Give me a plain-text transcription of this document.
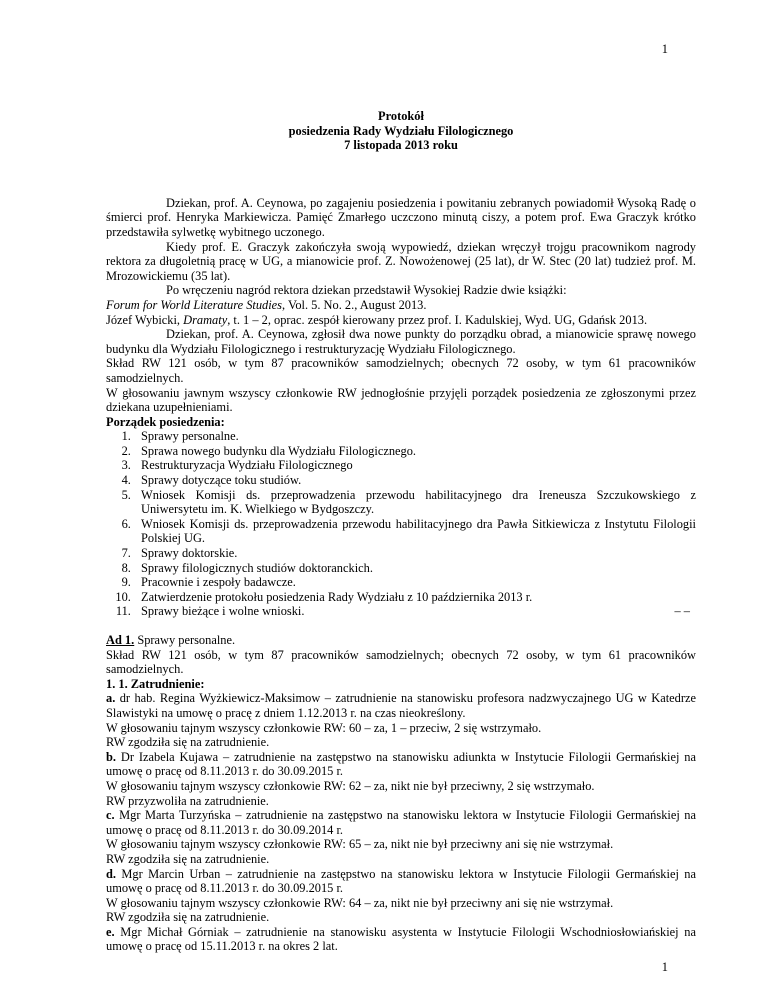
1
Protokół
posiedzenia Rady Wydziału Filologicznego
7 listopada 2013 roku
Dziekan, prof. A. Ceynowa, po zagajeniu posiedzenia i powitaniu zebranych powiadomił Wysoką Radę o śmierci prof. Henryka Markiewicza. Pamięć Zmarłego uczczono minutą ciszy, a potem prof. Ewa Graczyk krótko przedstawiła sylwetkę wybitnego uczonego.
Kiedy prof. E. Graczyk zakończyła swoją wypowiedź, dziekan wręczył trojgu pracownikom nagrody rektora za długoletnią pracę w UG, a mianowicie prof. Z. Nowożenowej (25 lat), dr W. Stec (20 lat) tudzież prof. M. Mrozowickiemu (35 lat).
Po wręczeniu nagród rektora dziekan przedstawił Wysokiej Radzie dwie książki:
Forum for World Literature Studies, Vol. 5. No. 2., August 2013.
Józef Wybicki, Dramaty, t. 1 – 2, oprac. zespół kierowany przez prof. I. Kadulskiej, Wyd. UG, Gdańsk 2013.
Dziekan, prof. A. Ceynowa, zgłosił dwa nowe punkty do porządku obrad, a mianowicie sprawę nowego budynku dla Wydziału Filologicznego i restrukturyzację Wydziału Filologicznego.
Skład RW 121 osób, w tym 87 pracowników samodzielnych; obecnych 72 osoby, w tym 61 pracowników samodzielnych.
W głosowaniu jawnym wszyscy członkowie RW jednogłośnie przyjęli porządek posiedzenia ze zgłoszonymi przez dziekana uzupełnieniami.
Porządek posiedzenia:
1. Sprawy personalne.
2. Sprawa nowego budynku dla Wydziału Filologicznego.
3. Restrukturyzacja Wydziału Filologicznego
4. Sprawy dotyczące toku studiów.
5. Wniosek Komisji ds. przeprowadzenia przewodu habilitacyjnego dra Ireneusza Szczukowskiego z Uniwersytetu im. K. Wielkiego w Bydgoszczy.
6. Wniosek Komisji ds. przeprowadzenia przewodu habilitacyjnego dra Pawła Sitkiewicza z Instytutu Filologii Polskiej UG.
7. Sprawy doktorskie.
8. Sprawy filologicznych studiów doktoranckich.
9. Pracownie i zespoły badawcze.
10. Zatwierdzenie protokołu posiedzenia Rady Wydziału z 10 października 2013 r.
11. Sprawy bieżące i wolne wnioski.	– –
Ad 1. Sprawy personalne.
Skład RW 121 osób, w tym 87 pracowników samodzielnych; obecnych 72 osoby, w tym 61 pracowników samodzielnych.
1. 1. Zatrudnienie:
a. dr hab. Regina Wyżkiewicz-Maksimow – zatrudnienie na stanowisku profesora nadzwyczajnego UG w Katedrze Slawistyki na umowę o pracę z dniem 1.12.2013 r. na czas nieokreślony.
W głosowaniu tajnym wszyscy członkowie RW: 60 – za, 1 – przeciw, 2 się wstrzymało.
RW zgodziła się na zatrudnienie.
b. Dr Izabela Kujawa – zatrudnienie na zastępstwo na stanowisku adiunkta w Instytucie Filologii Germańskiej na umowę o pracę od 8.11.2013 r. do 30.09.2015 r.
W głosowaniu tajnym wszyscy członkowie RW: 62 – za, nikt nie był przeciwny, 2 się wstrzymało.
RW przyzwoliła na zatrudnienie.
c. Mgr Marta Turzyńska – zatrudnienie na zastępstwo na stanowisku lektora w Instytucie Filologii Germańskiej na umowę o pracę od 8.11.2013 r. do 30.09.2014 r.
W głosowaniu tajnym wszyscy członkowie RW: 65 – za, nikt nie był przeciwny ani się nie wstrzymał.
RW zgodziła się na zatrudnienie.
d. Mgr Marcin Urban – zatrudnienie na zastępstwo na stanowisku lektora w Instytucie Filologii Germańskiej na umowę o pracę od 8.11.2013 r. do 30.09.2015 r.
W głosowaniu tajnym wszyscy członkowie RW: 64 – za, nikt nie był przeciwny ani się nie wstrzymał.
RW zgodziła się na zatrudnienie.
e. Mgr Michał Górniak – zatrudnienie na stanowisku asystenta w Instytucie Filologii Wschodniosłowiańskiej na umowę o pracę od 15.11.2013 r. na okres 2 lat.
1
